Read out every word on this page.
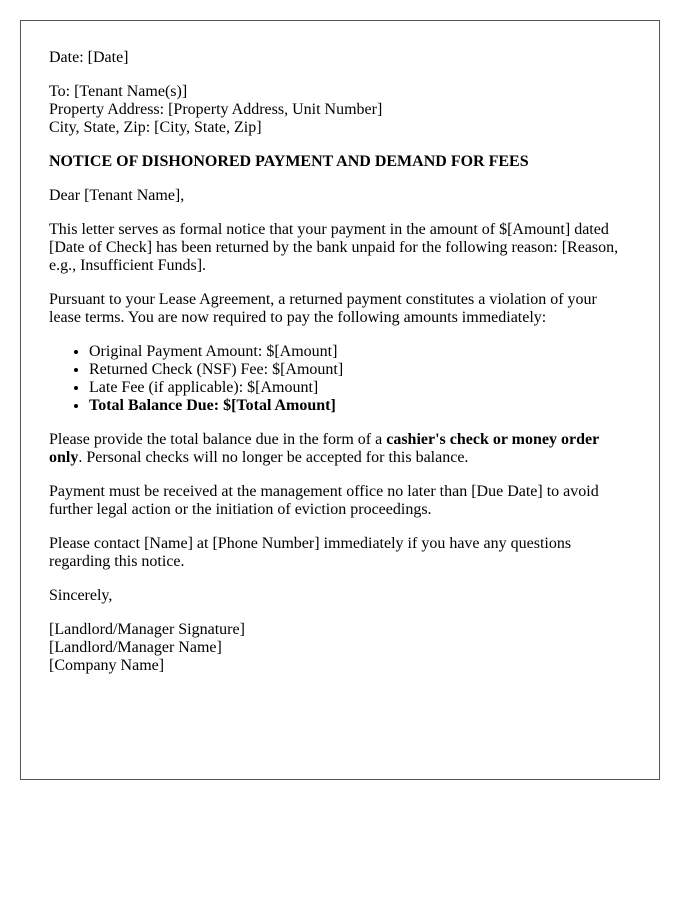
Date: [Date]

To: [Tenant Name(s)]
Property Address: [Property Address, Unit Number]
City, State, Zip: [City, State, Zip]

NOTICE OF DISHONORED PAYMENT AND DEMAND FOR FEES

Dear [Tenant Name],

This letter serves as formal notice that your payment in the amount of $[Amount] dated [Date of Check] has been returned by the bank unpaid for the following reason: [Reason, e.g., Insufficient Funds].

Pursuant to your Lease Agreement, a returned payment constitutes a violation of your lease terms. You are now required to pay the following amounts immediately:

• Original Payment Amount: $[Amount]
• Returned Check (NSF) Fee: $[Amount]
• Late Fee (if applicable): $[Amount]
• Total Balance Due: $[Total Amount]

Please provide the total balance due in the form of a cashier's check or money order only. Personal checks will no longer be accepted for this balance.

Payment must be received at the management office no later than [Due Date] to avoid further legal action or the initiation of eviction proceedings.

Please contact [Name] at [Phone Number] immediately if you have any questions regarding this notice.

Sincerely,

[Landlord/Manager Signature]
[Landlord/Manager Name]
[Company Name]
